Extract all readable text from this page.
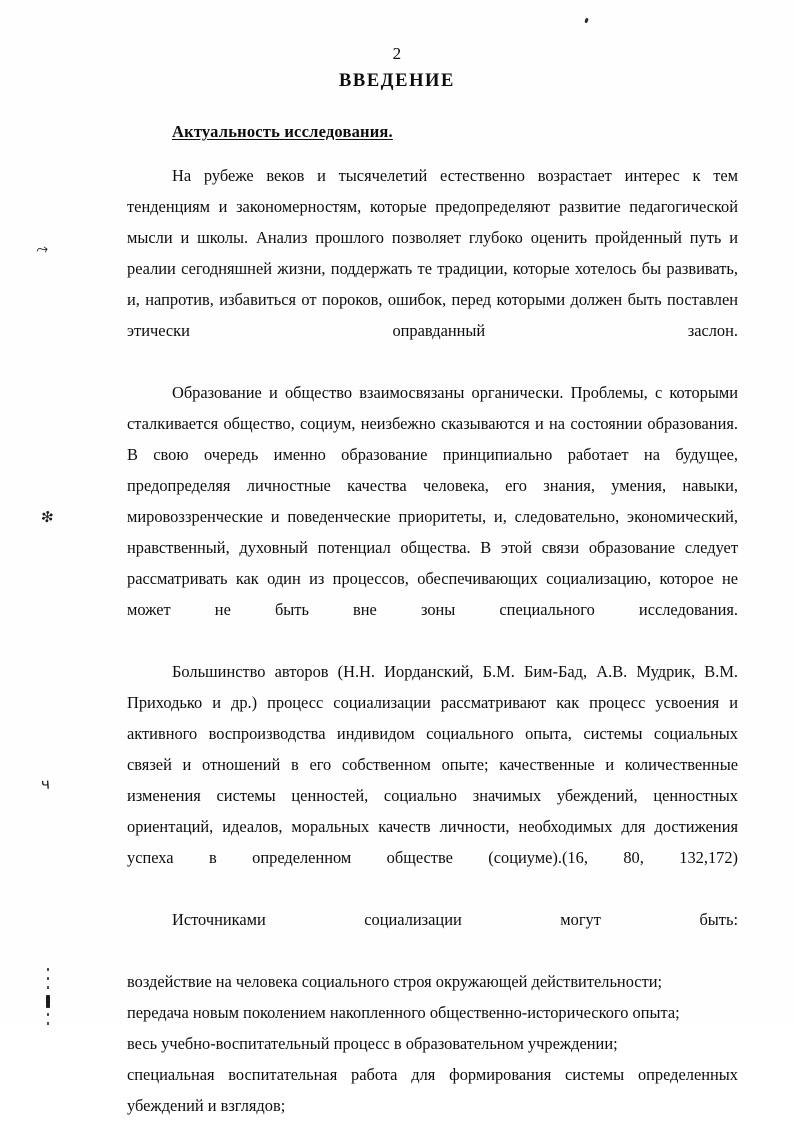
2
ВВЕДЕНИЕ
Актуальность исследования.

На рубеже веков и тысячелетий естественно возрастает интерес к тем тенденциям и закономерностям, которые предопределяют развитие педагогической мысли и школы. Анализ прошлого позволяет глубоко оценить пройденный путь и реалии сегодняшней жизни, поддержать те традиции, которые хотелось бы развивать, и, напротив, избавиться от пороков, ошибок, перед которыми должен быть поставлен этически оправданный заслон.

Образование и общество взаимосвязаны органически. Проблемы, с которыми сталкивается общество, социум, неизбежно сказываются и на состоянии образования. В свою очередь именно образование принципиально работает на будущее, предопределяя личностные качества человека, его знания, умения, навыки, мировоззренческие и поведенческие приоритеты, и, следовательно, экономический, нравственный, духовный потенциал общества. В этой связи образование следует рассматривать как один из процессов, обеспечивающих социализацию, которое не может не быть вне зоны специального исследования.

Большинство авторов (Н.Н. Иорданский, Б.М. Бим-Бад, А.В. Мудрик, В.М. Приходько и др.) процесс социализации рассматривают как процесс усвоения и активного воспроизводства индивидом социального опыта, системы социальных связей и отношений в его собственном опыте; качественные и количественные изменения системы ценностей, социально значимых убеждений, ценностных ориентаций, идеалов, моральных качеств личности, необходимых для достижения успеха в определенном обществе (социуме).(16, 80, 132,172)

Источниками социализации могут быть:

воздействие на человека социального строя окружающей действительности;

передача новым поколением накопленного общественно-исторического опыта;

весь учебно-воспитательный процесс в образовательном учреждении;

специальная воспитательная работа для формирования системы определенных убеждений и взглядов;

⤳
❇
ч
